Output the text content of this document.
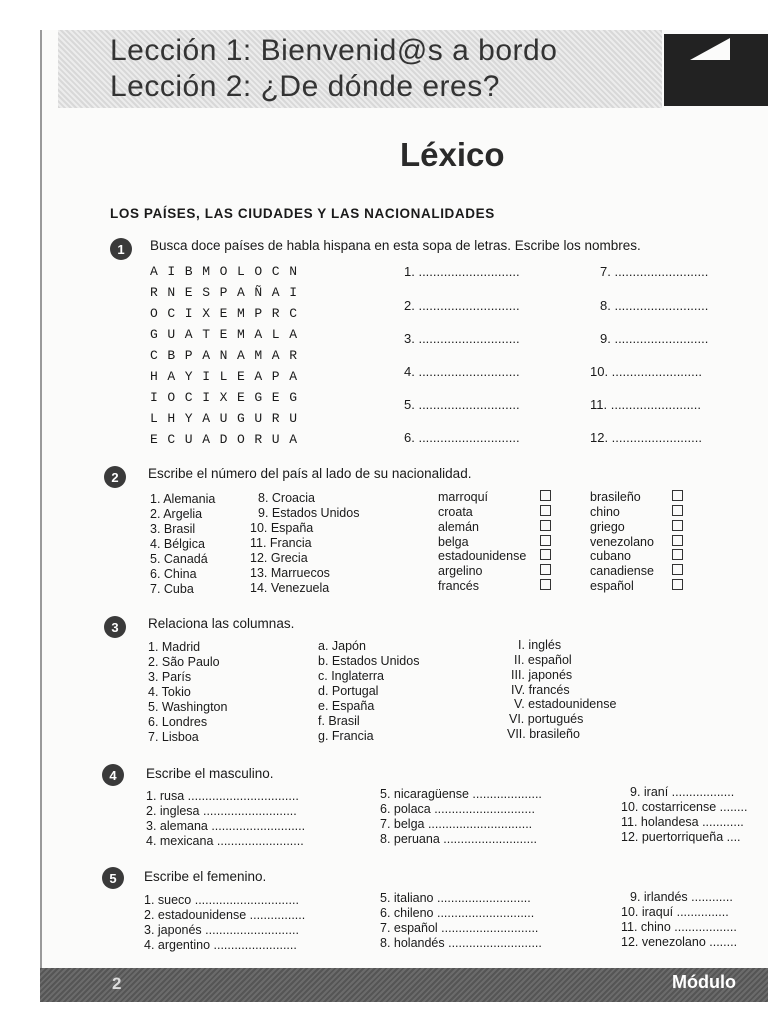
Lección 1: Bienvenid@s a bordo
Lección 2: ¿De dónde eres?
Léxico
LOS PAÍSES, LAS CIUDADES Y LAS NACIONALIDADES
1	Busca doce países de habla hispana en esta sopa de letras. Escribe los nombres.
AIBMOLOCN
RNESPAÑAI
OCIXEMPRC
GUATEMALA
CBPANAMAR
HAYILEAPA
IOCIXEGEG
LHYAUGURU
ECUADORUA
1. ............................
2. ............................
3. ............................
4. ............................
5. ............................
6. ............................
7. ..........................
8. ..........................
9. ..........................
10. .........................
11. .........................
12. .........................
2	Escribe el número del país al lado de su nacionalidad.
1. Alemania
2. Argelia
3. Brasil
4. Bélgica
5. Canadá
6. China
7. Cuba
8. Croacia
9. Estados Unidos
10. España
11. Francia
12. Grecia
13. Marruecos
14. Venezuela
marroquí
croata
alemán
belga
estadounidense
argelino
francés
brasileño
chino
griego
venezolano
cubano
canadiense
español
3	Relaciona las columnas.
1. Madrid
2. São Paulo
3. París
4. Tokio
5. Washington
6. Londres
7. Lisboa
a. Japón
b. Estados Unidos
c. Inglaterra
d. Portugal
e. España
f. Brasil
g. Francia
I. inglés
II. español
III. japonés
IV. francés
V. estadounidense
VI. portugués
VII. brasileño
4	Escribe el masculino.
1. rusa ................................
2. inglesa ...........................
3. alemana ...........................
4. mexicana .........................
5. nicaragüense ....................
6. polaca .............................
7. belga ..............................
8. peruana ...........................
9. iraní ..................
10. costarricense ........
11. holandesa ............
12. puertorriqueña ....
5	Escribe el femenino.
1. sueco ..............................
2. estadounidense ................
3. japonés ...........................
4. argentino ........................
5. italiano ...........................
6. chileno ............................
7. español ............................
8. holandés ...........................
9. irlandés ............
10. iraquí ...............
11. chino ..................
12. venezolano ........
2	Módulo
